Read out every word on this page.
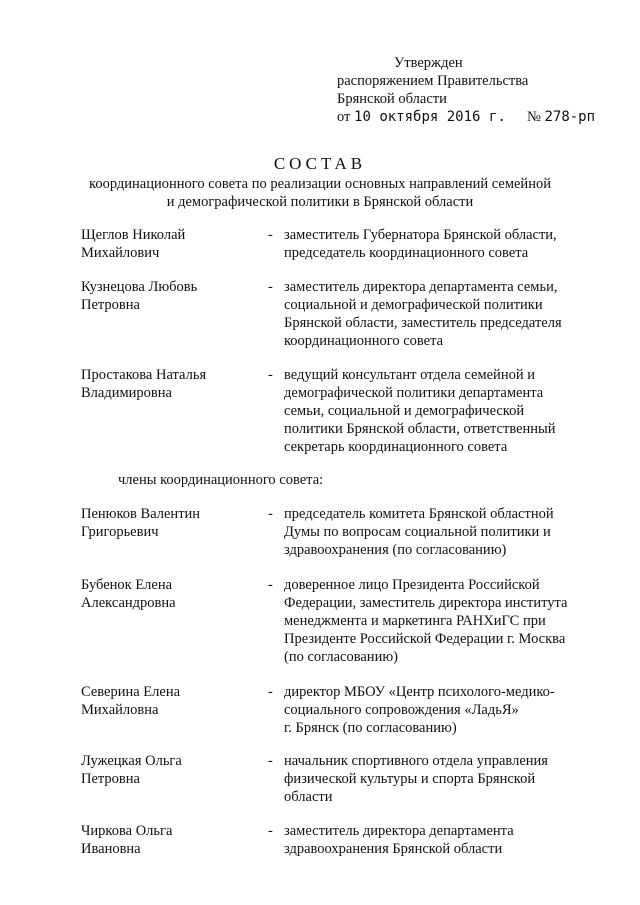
Утвержден
распоряжением Правительства
Брянской области
от 10 октября 2016 г. № 278-рп
СОСТАВ
координационного совета по реализации основных направлений семейной
и демографической политики в Брянской области
Щеглов Николай
Михайлович
- заместитель Губернатора Брянской области,
председатель координационного совета
Кузнецова Любовь
Петровна
- заместитель директора департамента семьи,
социальной и демографической политики
Брянской области, заместитель председателя
координационного совета
Простакова Наталья
Владимировна
- ведущий консультант отдела семейной и
демографической политики департамента
семьи, социальной и демографической
политики Брянской области, ответственный
секретарь координационного совета
члены координационного совета:
Пенюков Валентин
Григорьевич
- председатель комитета Брянской областной
Думы по вопросам социальной политики и
здравоохранения (по согласованию)
Бубенок Елена
Александровна
- доверенное лицо Президента Российской
Федерации, заместитель директора института
менеджмента и маркетинга РАНХиГС при
Президенте Российской Федерации г. Москва
(по согласованию)
Северина Елена
Михайловна
- директор МБОУ «Центр психолого-медико-
социального сопровождения «ЛадьЯ»
г. Брянск (по согласованию)
Лужецкая Ольга
Петровна
- начальник спортивного отдела управления
физической культуры и спорта Брянской
области
Чиркова Ольга
Ивановна
- заместитель директора департамента
здравоохранения Брянской области
